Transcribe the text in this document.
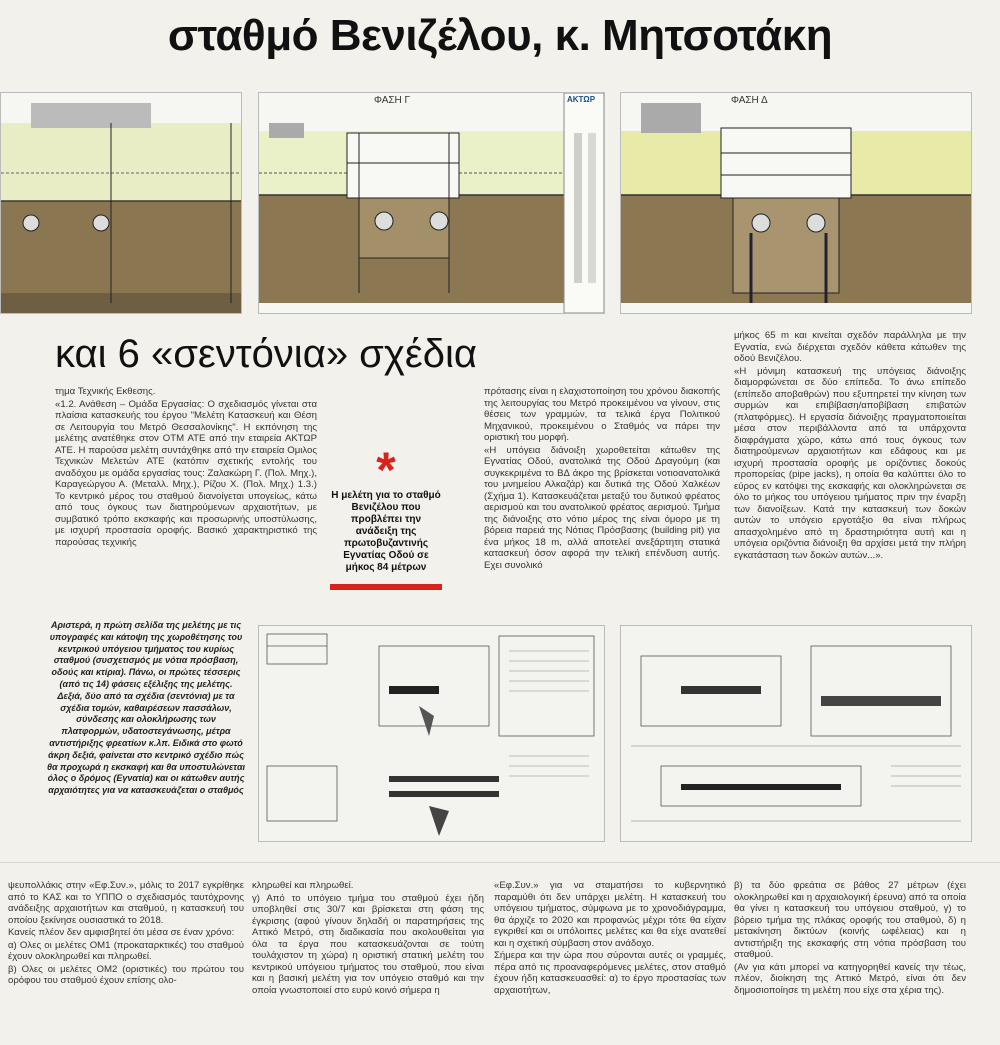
σταθμό Βενιζέλου, κ. Μητσοτάκη
ΦΑΣΗ Γ	ΑΚΤΩΡ	ΦΑΣΗ Δ
και 6 «σεντόνια» σχέδια

τημα Τεχνικής Εκθεσης.

«1.2. Ανάθεση – Ομάδα Εργασίας: Ο σχεδιασμός γίνεται στα πλαίσια κατασκευής του έργου "Μελέτη Κατασκευή και Θέση σε Λειτουργία του Μετρό Θεσσαλονίκης". Η εκπόνηση της μελέτης ανατέθηκε στον ΟΤΜ ΑΤΕ από την εταιρεία ΑΚΤΩΡ ΑΤΕ. Η παρούσα μελέτη συντάχθηκε από την εταιρεία Ομιλος Τεχνικών Μελετών ΑΤΕ (κατόπιν σχετικής εντολής του αναδόχου με ομάδα εργασίας τους: Ζαλακώρη Γ. (Πολ. Μηχ.), Καραγεώργου Α. (Μεταλλ. Μηχ.), Ρίζου Χ. (Πολ. Μηχ.) 1.3.) Το κεντρικό μέρος του σταθμού διανοίγεται υπογείως, κάτω από τους όγκους των διατηρούμενων αρχαιοτήτων, με συμβατικό τρόπο εκσκαφής και προσωρινής υποστύλωσης, με ισχυρή προστασία οροφής. Βασικό χαρακτηριστικό της παρούσας τεχνικής

*
Η μελέτη για το σταθμό Βενιζέλου που προβλέπει την ανάδειξη της πρωτοβυζαντινής Εγνατίας Οδού σε μήκος 84 μέτρων

πρότασης είναι η ελαχιστοποίηση του χρόνου διακοπής της λειτουργίας του Μετρό προκειμένου να γίνουν, στις θέσεις των γραμμών, τα τελικά έργα Πολιτικού Μηχανικού, προκειμένου ο Σταθμός να πάρει την οριστική του μορφή.

«Η υπόγεια διάνοιξη χωροθετείται κάτωθεν της Εγνατίας Οδού, ανατολικά της Οδού Δραγούμη (και συγκεκριμένα το ΒΔ άκρο της βρίσκεται νοτιοανατολικά του μνημείου Αλκαζάρ) και δυτικά της Οδού Χαλκέων (Σχήμα 1). Κατασκευάζεται μεταξύ του δυτικού φρέατος αερισμού και του ανατολικού φρέατος αερισμού. Τμήμα της διάνοιξης στο νότιο μέρος της είναι όμορο με τη βόρεια παρειά της Νότιας Πρόσβασης (building pit) για ένα μήκος 18 m, αλλά αποτελεί ανεξάρτητη στατικά κατασκευή όσον αφορά την τελική επένδυση αυτής. Εχει συνολικό

μήκος 65 m και κινείται σχεδόν παράλληλα με την Εγνατία, ενώ διέρχεται σχεδόν κάθετα κάτωθεν της οδού Βενιζέλου.

«Η μόνιμη κατασκευή της υπόγειας διάνοιξης διαμορφώνεται σε δύο επίπεδα. Το άνω επίπεδο (επίπεδο αποβαθρών) που εξυπηρετεί την κίνηση των συρμών και επιβίβαση/αποβίβαση επιβατών (πλατφόρμες). Η εργασία διάνοιξης πραγματοποιείται μέσα στον περιβάλλοντα από τα υπάρχοντα διαφράγματα χώρο, κάτω από τους όγκους των διατηρούμενων αρχαιοτήτων και εδάφους και με ισχυρή προστασία οροφής με οριζόντιες δοκούς προπορείας (pipe jacks), η οποία θα καλύπτει όλο το εύρος εν κατόψει της εκσκαφής και ολοκληρώνεται σε όλο το μήκος του υπόγειου τμήματος πριν την έναρξη των διανοίξεων. Κατά την κατασκευή των δοκών αυτών το υπόγειο εργοτάξιο θα είναι πλήρως απασχολημένο από τη δραστηριότητα αυτή και η υπόγεια οριζόντια διάνοιξη θα αρχίσει μετά την πλήρη εγκατάσταση των δοκών αυτών...».

Αριστερά, η πρώτη σελίδα της μελέτης με τις υπογραφές και κάτοψη της χωροθέτησης του κεντρικού υπόγειου τμήματος του κυρίως σταθμού (συσχετισμός με νότια πρόσβαση, οδούς και κτίρια). Πάνω, οι πρώτες τέσσερις (από τις 14) φάσεις εξέλιξης της μελέτης. Δεξιά, δύο από τα σχέδια (σεντόνια) με τα σχέδια τομών, καθαιρέσεων πασσάλων, σύνδεσης και ολοκλήρωσης των πλατφορμών, υδατοστεγάνωσης, μέτρα αντιστήριξης φρεατίων κ.λπ. Ειδικά στο φωτό άκρη δεξιά, φαίνεται στο κεντρικό σχέδιο πώς θα προχωρά η εκσκαφή και θα υποστυλώνεται όλος ο δρόμος (Εγνατία) και οι κάτωθεν αυτής αρχαιότητες για να κατασκευάζεται ο σταθμός

ψευπολλάκις στην «Εφ.Συν.», μόλις το 2017 εγκρίθηκε από το ΚΑΣ και το ΥΠΠΟ ο σχεδιασμός ταυτόχρονης ανάδειξης αρχαιοτήτων και σταθμού, η κατασκευή του οποίου ξεκίνησε ουσιαστικά το 2018.

Κανείς πλέον δεν αμφισβητεί ότι μέσα σε έναν χρόνο:

α) Ολες οι μελέτες ΟΜ1 (προκαταρκτικές) του σταθμού έχουν ολοκληρωθεί και πληρωθεί.

β) Ολες οι μελέτες ΟΜ2 (οριστικές) του πρώτου του ορόφου του σταθμού έχουν επίσης ολο-

κληρωθεί και πληρωθεί.

γ) Από το υπόγειο τμήμα του σταθμού έχει ήδη υποβληθεί στις 30/7 και βρίσκεται στη φάση της έγκρισης (αφού γίνουν δηλαδή οι παρατηρήσεις της Αττικό Μετρό, στη διαδικασία που ακολουθείται για όλα τα έργα που κατασκευάζονται σε τούτη τουλάχιστον τη χώρα) η οριστική στατική μελέτη του κεντρικού υπόγειου τμήματος του σταθμού, που είναι και η βασική μελέτη για τον υπόγειο σταθμό και την οποία γνωστοποιεί στο ευρύ κοινό σήμερα η

«Εφ.Συν.» για να σταματήσει το κυβερνητικό παραμύθι ότι δεν υπάρχει μελέτη. Η κατασκευή του υπόγειου τμήματος, σύμφωνα με το χρονοδιάγραμμα, θα άρχιζε το 2020 και προφανώς μέχρι τότε θα είχαν εγκριθεί και οι υπόλοιπες μελέτες και θα είχε ανατεθεί και η σχετική σύμβαση στον ανάδοχο.

Σήμερα και την ώρα που σύρονται αυτές οι γραμμές, πέρα από τις προαναφερόμενες μελέτες, στον σταθμό έχουν ήδη κατασκευασθεί: α) το έργο προστασίας των αρχαιοτήτων,

β) τα δύο φρεάτια σε βάθος 27 μέτρων (έχει ολοκληρωθεί και η αρχαιολογική έρευνα) από τα οποία θα γίνει η κατασκευή του υπόγειου σταθμού, γ) το βόρειο τμήμα της πλάκας οροφής του σταθμού, δ) η μετακίνηση δικτύων (κοινής ωφέλειας) και η αντιστήριξη της εκσκαφής στη νότια πρόσβαση του σταθμού.

(Αν για κάτι μπορεί να κατηγορηθεί κανείς την τέως, πλέον, διοίκηση της Αττικό Μετρό, είναι ότι δεν δημοσιοποίησε τη μελέτη που είχε στα χέρια της).
